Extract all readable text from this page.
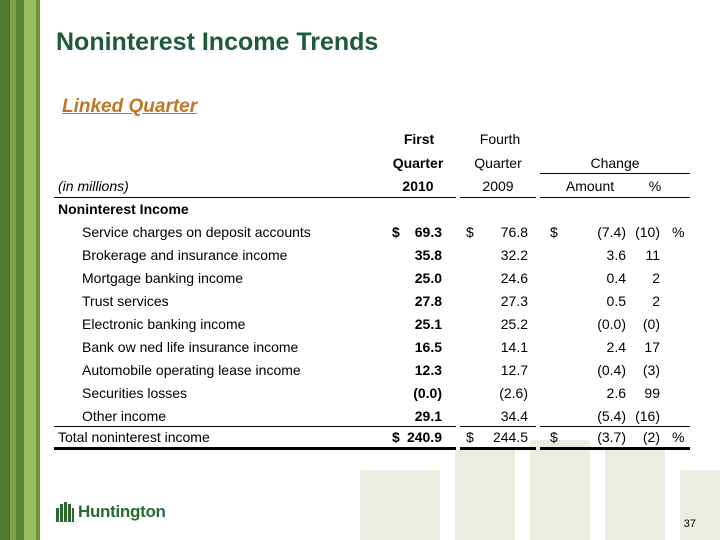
Noninterest Income Trends
Linked Quarter
First	Fourth
Quarter	Quarter	Change
(in millions)	2010	2009	Amount	%
Noninterest Income
Service charges on deposit accounts	$	69.3 $	76.8 $	(7.4) (10) %
Brokerage and insurance income	35.8	32.2	3.6	11
Mortgage banking income	25.0	24.6	0.4	2
Trust services	27.8	27.3	0.5	2
Electronic banking income	25.1	25.2	(0.0)	(0)
Bank ow ned life insurance income	16.5	14.1	2.4	17
Automobile operating lease income	12.3	12.7	(0.4)	(3)
Securities losses	(0.0)	(2.6)	2.6	99
Other income	29.1	34.4	(5.4) (16)
Total noninterest income	$ 240.9 $	244.5 $	(3.7)	(2) %
Huntington
37
